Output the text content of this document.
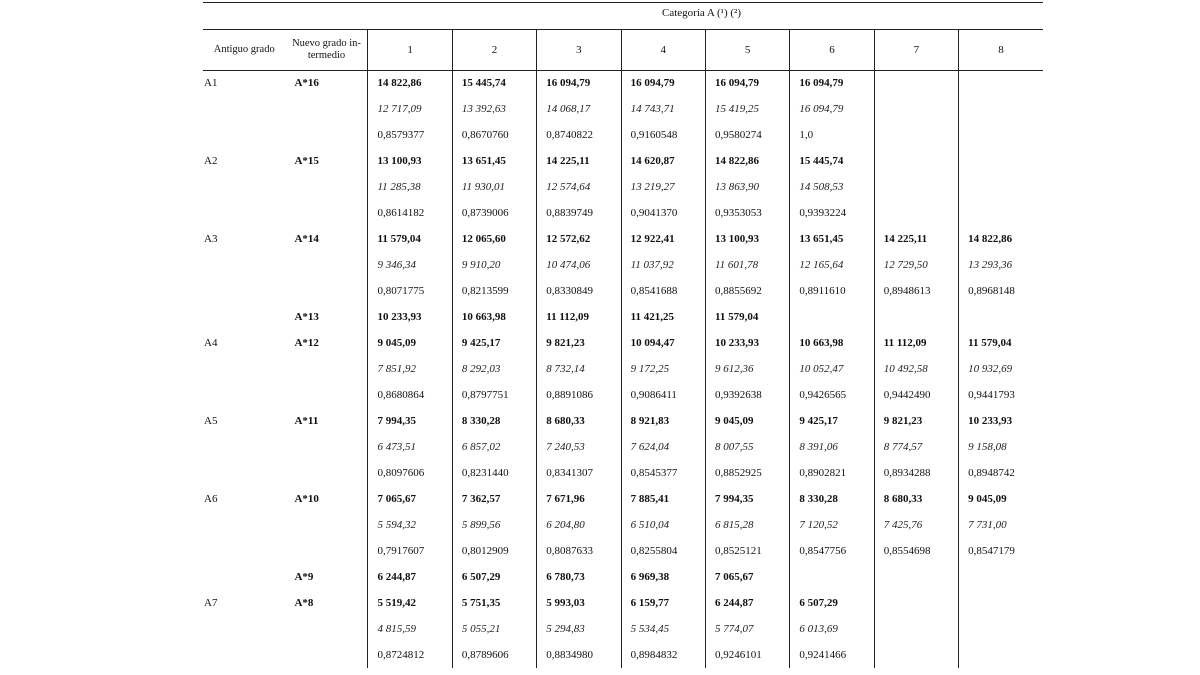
Categoría A (¹) (²)
Antiguo grado	Nuevo grado in- termedio	1	2	3	4	5	6	7	8
A1	A*16	14 822,86	15 445,74	16 094,79	16 094,79	16 094,79	16 094,79		
		12 717,09	13 392,63	14 068,17	14 743,71	15 419,25	16 094,79		
		0,8579377	0,8670760	0,8740822	0,9160548	0,9580274	1,0		
A2	A*15	13 100,93	13 651,45	14 225,11	14 620,87	14 822,86	15 445,74		
		11 285,38	11 930,01	12 574,64	13 219,27	13 863,90	14 508,53		
		0,8614182	0,8739006	0,8839749	0,9041370	0,9353053	0,9393224		
A3	A*14	11 579,04	12 065,60	12 572,62	12 922,41	13 100,93	13 651,45	14 225,11	14 822,86
		9 346,34	9 910,20	10 474,06	11 037,92	11 601,78	12 165,64	12 729,50	13 293,36
		0,8071775	0,8213599	0,8330849	0,8541688	0,8855692	0,8911610	0,8948613	0,8968148
	A*13	10 233,93	10 663,98	11 112,09	11 421,25	11 579,04			
A4	A*12	9 045,09	9 425,17	9 821,23	10 094,47	10 233,93	10 663,98	11 112,09	11 579,04
		7 851,92	8 292,03	8 732,14	9 172,25	9 612,36	10 052,47	10 492,58	10 932,69
		0,8680864	0,8797751	0,8891086	0,9086411	0,9392638	0,9426565	0,9442490	0,9441793
A5	A*11	7 994,35	8 330,28	8 680,33	8 921,83	9 045,09	9 425,17	9 821,23	10 233,93
		6 473,51	6 857,02	7 240,53	7 624,04	8 007,55	8 391,06	8 774,57	9 158,08
		0,8097606	0,8231440	0,8341307	0,8545377	0,8852925	0,8902821	0,8934288	0,8948742
A6	A*10	7 065,67	7 362,57	7 671,96	7 885,41	7 994,35	8 330,28	8 680,33	9 045,09
		5 594,32	5 899,56	6 204,80	6 510,04	6 815,28	7 120,52	7 425,76	7 731,00
		0,7917607	0,8012909	0,8087633	0,8255804	0,8525121	0,8547756	0,8554698	0,8547179
	A*9	6 244,87	6 507,29	6 780,73	6 969,38	7 065,67			
A7	A*8	5 519,42	5 751,35	5 993,03	6 159,77	6 244,87	6 507,29		
		4 815,59	5 055,21	5 294,83	5 534,45	5 774,07	6 013,69		
		0,8724812	0,8789606	0,8834980	0,8984832	0,9246101	0,9241466		
